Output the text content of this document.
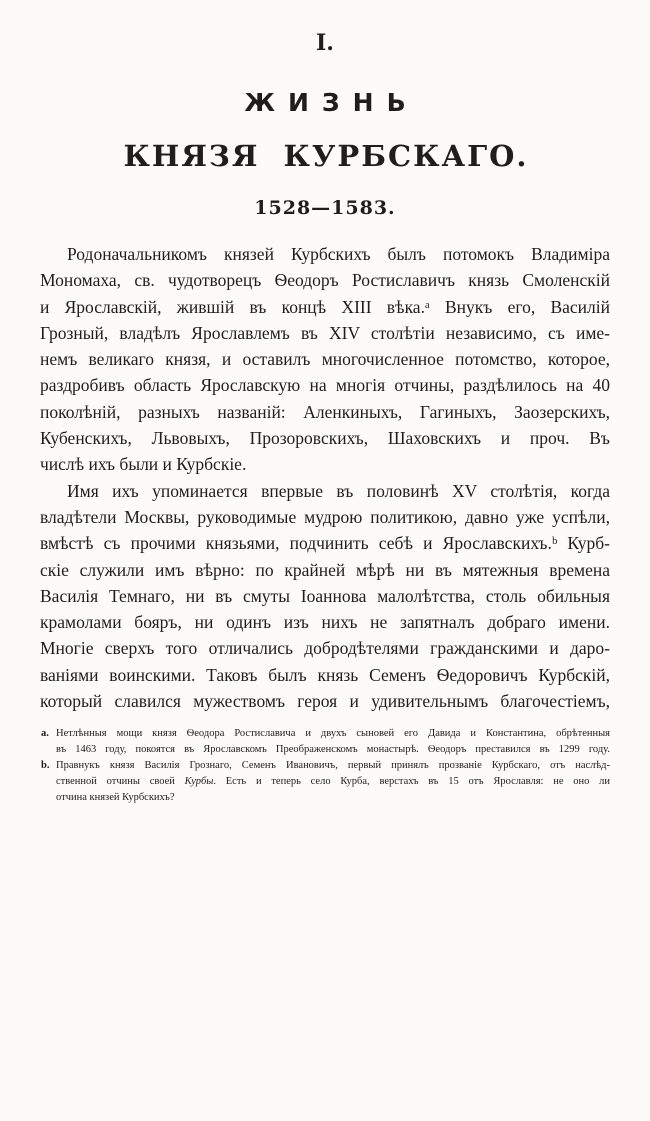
I.
ЖИЗНЬ
КНЯЗЯ КУРБСКАГО.
1528—1583.
Родоначальникомъ князей Курбскихъ былъ потомокъ Владиміра
Мономаха, св. чудотворецъ Ѳеодоръ Ростиславичъ князь Смоленскій
и Ярославскій, жившій въ концѣ XIII вѣка.ᵃ Внукъ его, Василій
Грозный, владѣлъ Ярославлемъ въ XIV столѣтіи независимо, съ име-
немъ великаго князя, и оставилъ многочисленное потомство, которое,
раздробивъ область Ярославскую на многія отчины, раздѣлилось на 40
поколѣній, разныхъ названій: Аленкиныхъ, Гагиныхъ, Заозерскихъ,
Кубенскихъ, Львовыхъ, Прозоровскихъ, Шаховскихъ и проч. Въ
числѣ ихъ были и Курбскіе.
Имя ихъ упоминается впервые въ половинѣ XV столѣтія, когда
владѣтели Москвы, руководимые мудрою политикою, давно уже успѣли,
вмѣстѣ съ прочими князьями, подчинить себѣ и Ярославскихъ.ᵇ Курб-
скіе служили имъ вѣрно: по крайней мѣрѣ ни въ мятежныя времена
Василія Темнаго, ни въ смуты Іоаннова малолѣтства, столь обильныя
крамолами бояръ, ни одинъ изъ нихъ не запятналъ добраго имени.
Многіе сверхъ того отличались добродѣтелями гражданскими и даро-
ваніями воинскими. Таковъ былъ князь Семенъ Ѳедоровичъ Курбскій,
который славился мужествомъ героя и удивительнымъ благочестіемъ,
a. Нетлѣнныя мощи князя Ѳеодора Ростиславича и двухъ сыновей его Давида и Константина, обрѣтенныя
въ 1463 году, покоятся въ Ярославскомъ Преображенскомъ монастырѣ. Ѳеодоръ преставился въ 1299 году.
b. Правнукъ князя Василія Грознаго, Семенъ Ивановичъ, первый принялъ прозваніе Курбскаго, отъ наслѣд-
ственной отчины своей Курбы. Есть и теперь село Курба, верстахъ въ 15 отъ Ярославля: не оно ли
отчина князей Курбскихъ?
